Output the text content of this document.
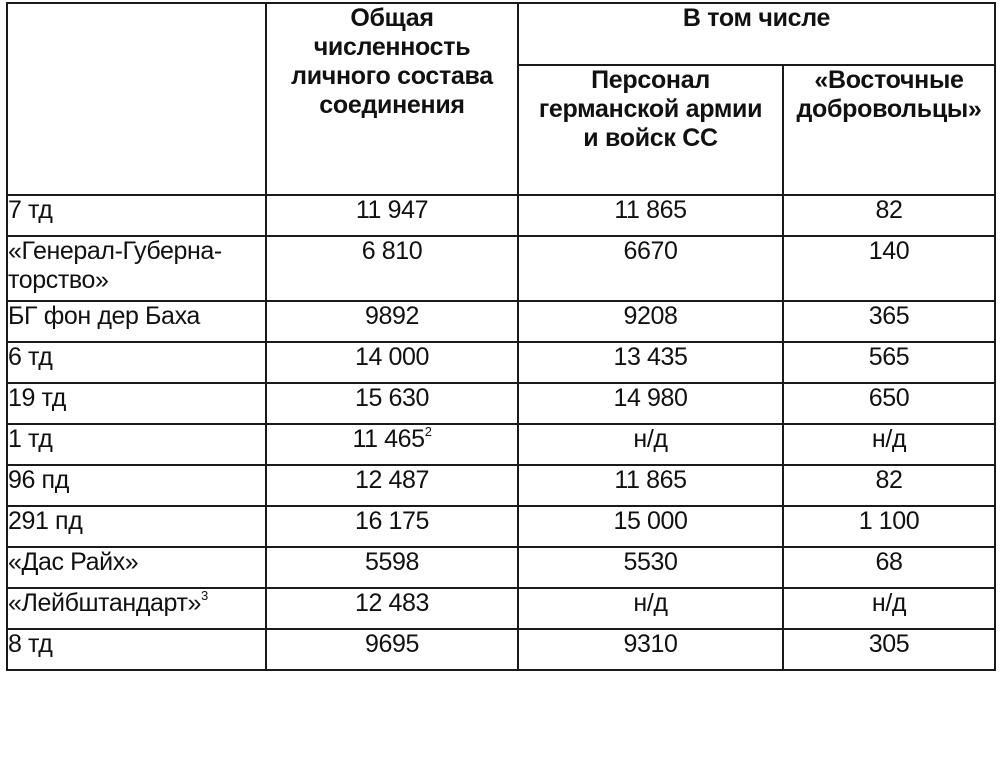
	Общая
численность
личного состава
соединения	В том числе	
		Персонал
германской армии
и войск СС	«Восточные
добровольцы»
7 тд	11 947	11 865	82
«Генерал-Губерна-
торство»	6 810	6670	140
БГ фон дер Баха	9892	9208	365
6 тд	14 000	13 435	565
19 тд	15 630	14 980	650
1 тд	11 465$^2$	н/д	н/д
96 пд	12 487	11 865	82
291 пд	16 175	15 000	1 100
«Дас Райх»	5598	5530	68
«Лейбштандарт»$^3$	12 483	н/д	н/д
8 тд	9695	9310	305
